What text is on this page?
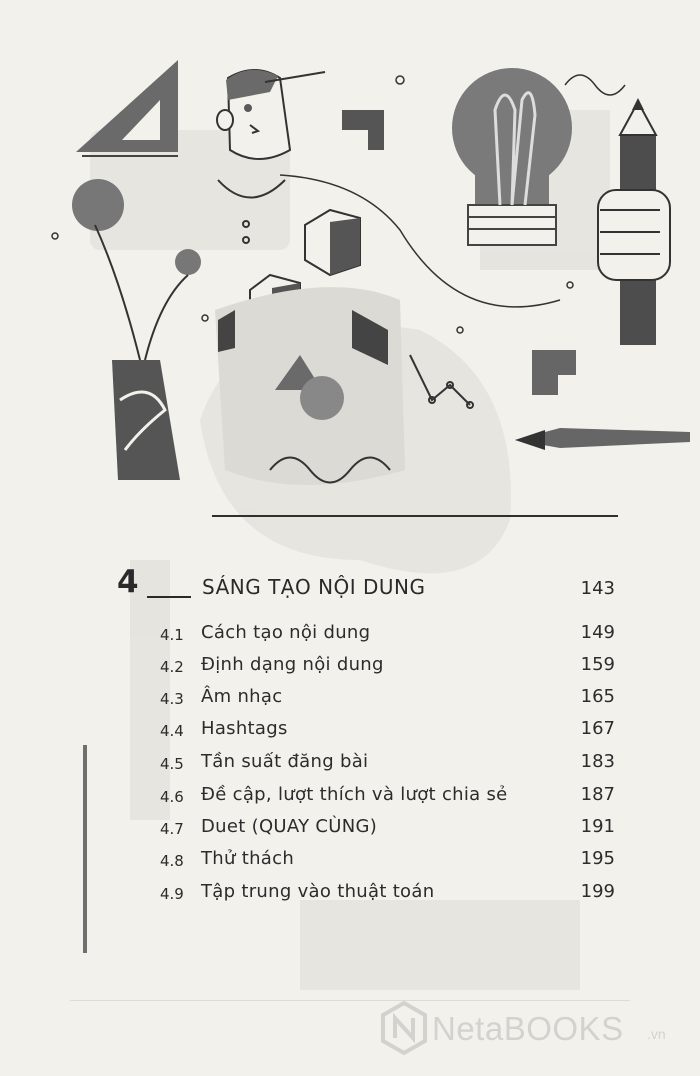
4	SÁNG TẠO NỘI DUNG	143
4.1 Cách tạo nội dung	149
4.2 Định dạng nội dung	159
4.3 Âm nhạc	165
4.4 Hashtags	167
4.5 Tần suất đăng bài	183
4.6 Đề cập, lượt thích và lượt chia sẻ	187
4.7 Duet (QUAY CÙNG)	191
4.8 Thử thách	195
4.9 Tập trung vào thuật toán	199
NetaBOOKS .vn
